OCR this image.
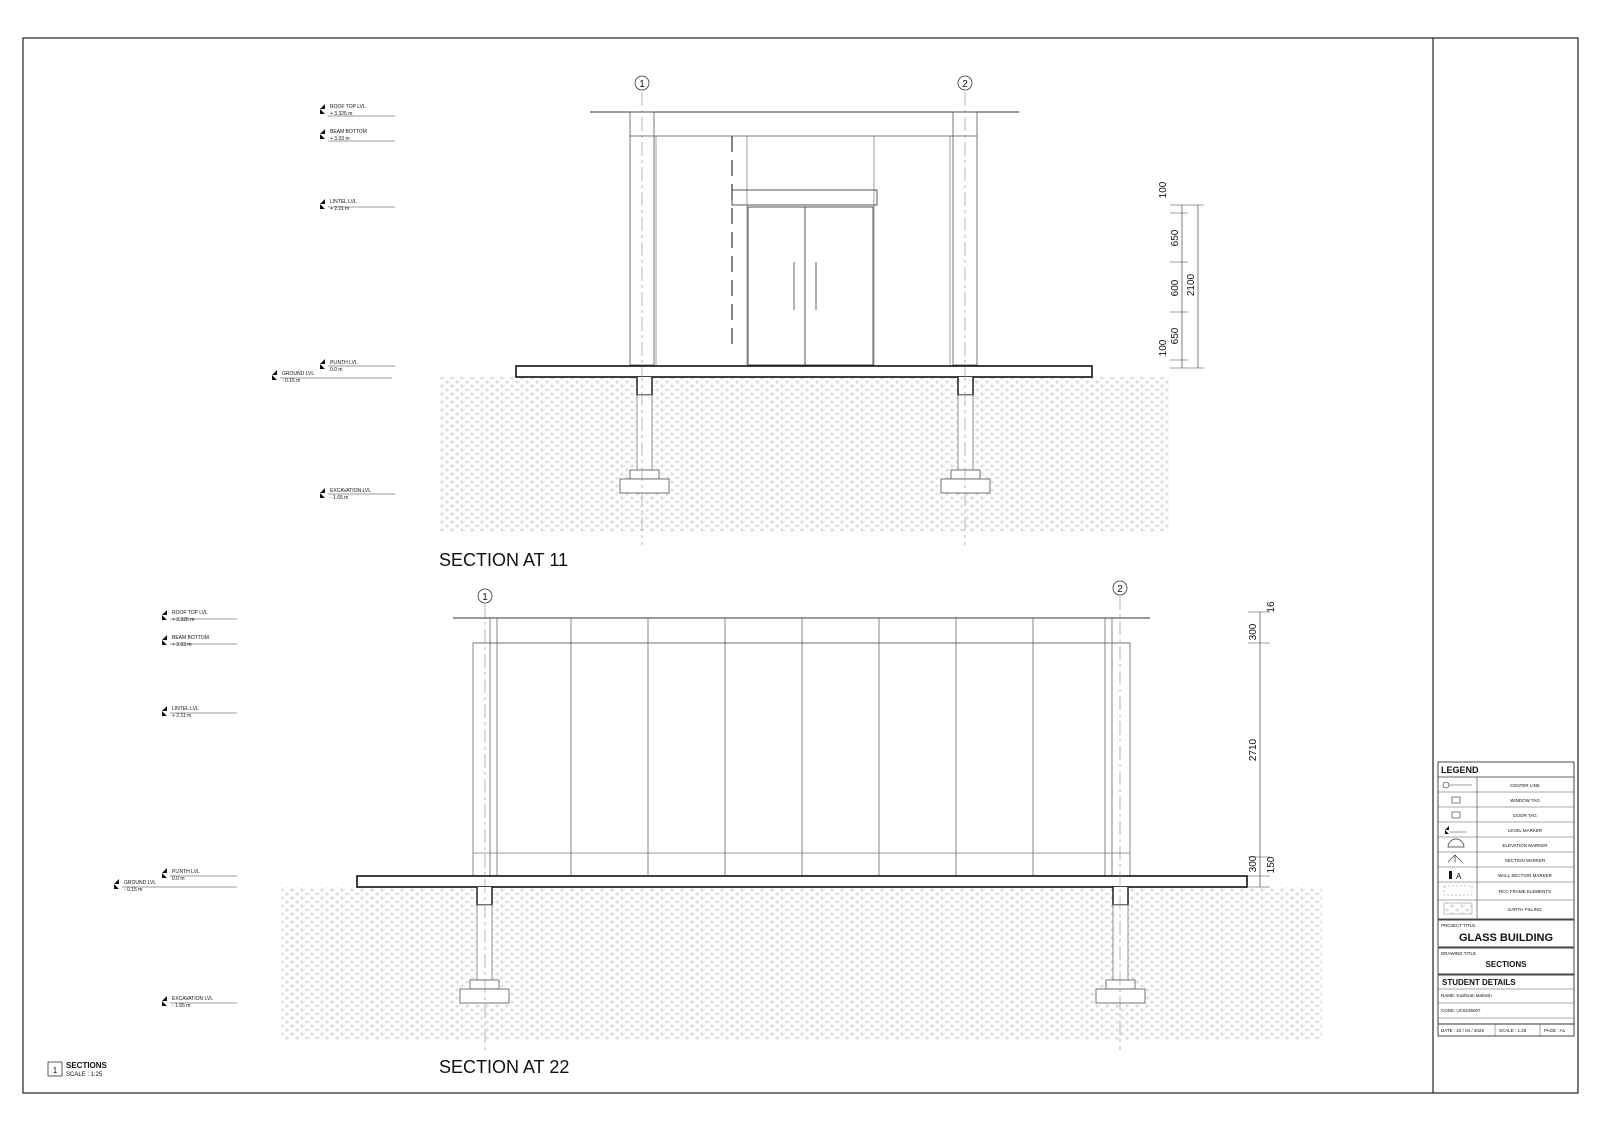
1	2
ROOF TOP LVL
+ 3.325 m
BEAM BOTTOM
+ 3.03 m
LINTEL LVL
+ 2.11 m
PLINTH LVL
0.0 m
GROUND LVL
- 0.15 m
EXCAVATION LVL
- 1.65 m
100
650
600
650
100
2100
SECTION AT 11
1
2
ROOF TOP LVL
+ 3.325 m
BEAM BOTTOM
+ 3.03 m
LINTEL LVL
+ 2.11 m
PLINTH LVL
0.0 m
GROUND LVL
- 0.15 m
EXCAVATION LVL
- 1.65 m
16
300
2710
300 150
SECTION AT 22
1
SECTIONS
SCALE : 1:25
LEGEND
CENTER LINE
WINDOW TAG
DOOR TAG
LEVEL MARKER
ELEVATION MARKER
SECTION MARKER
A	WALL SECTION MARKER
RCC FRAME ELEMENTS
EARTH FILLING
PROJECT TITLE
GLASS BUILDING
DRAWING TITLE
SECTIONS
STUDENT DETAILS
NAME: Kadhiran Mahesh
CODE: UC8235007
DATE : 22 / 04 / 2025	SCALE : 1:25	PAGE : A1
